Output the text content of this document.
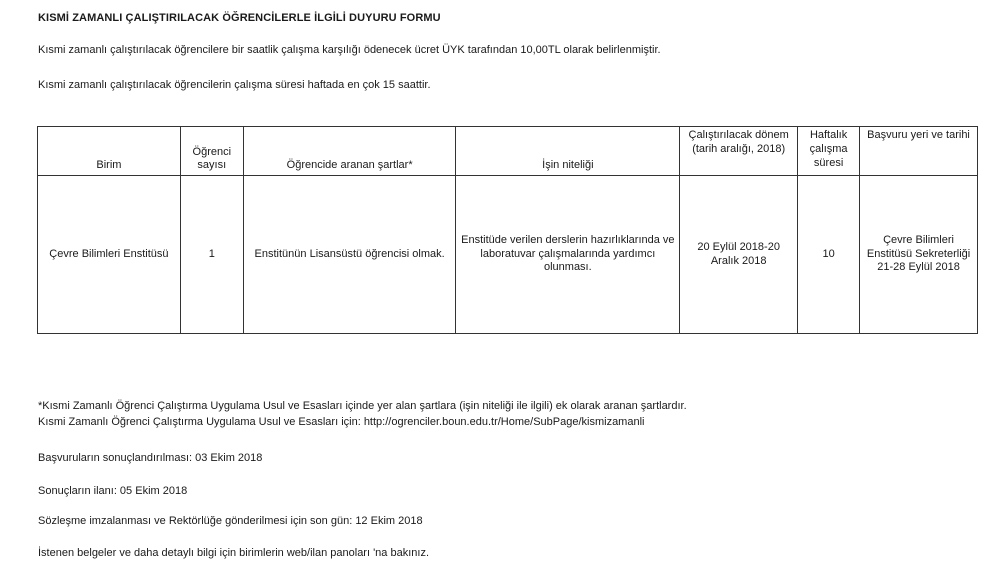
KISMİ ZAMANLI ÇALIŞTIRILACAK ÖĞRENCİLERLE İLGİLİ DUYURU FORMU
Kısmi zamanlı çalıştırılacak öğrencilere bir saatlik çalışma karşılığı ödenecek ücret ÜYK tarafından 10,00TL olarak belirlenmiştir.
Kısmi zamanlı çalıştırılacak öğrencilerin çalışma süresi haftada en çok 15 saattir.
Birim	Öğrenci sayısı	Öğrencide aranan şartlar*	İşin niteliği	Çalıştırılacak dönem (tarih aralığı, 2018)	Haftalık çalışma süresi	Başvuru yeri ve tarihi
Çevre Bilimleri Enstitüsü	1	Enstitünün Lisansüstü öğrencisi olmak.	Enstitüde verilen derslerin hazırlıklarında ve laboratuvar çalışmalarında yardımcı olunması.	20 Eylül 2018-20 Aralık 2018	10	Çevre Bilimleri Enstitüsü Sekreterliği
21-28 Eylül 2018
*Kısmi Zamanlı Öğrenci Çalıştırma Uygulama Usul ve Esasları içinde yer alan şartlara (işin niteliği ile ilgili) ek olarak aranan şartlardır.
Kısmi Zamanlı Öğrenci Çalıştırma Uygulama Usul ve Esasları için: http://ogrenciler.boun.edu.tr/Home/SubPage/kismizamanli
Başvuruların sonuçlandırılması: 03 Ekim 2018
Sonuçların ilanı: 05 Ekim 2018
Sözleşme imzalanması ve Rektörlüğe gönderilmesi için son gün: 12 Ekim 2018
İstenen belgeler ve daha detaylı bilgi için birimlerin web/ilan panoları 'na bakınız.
